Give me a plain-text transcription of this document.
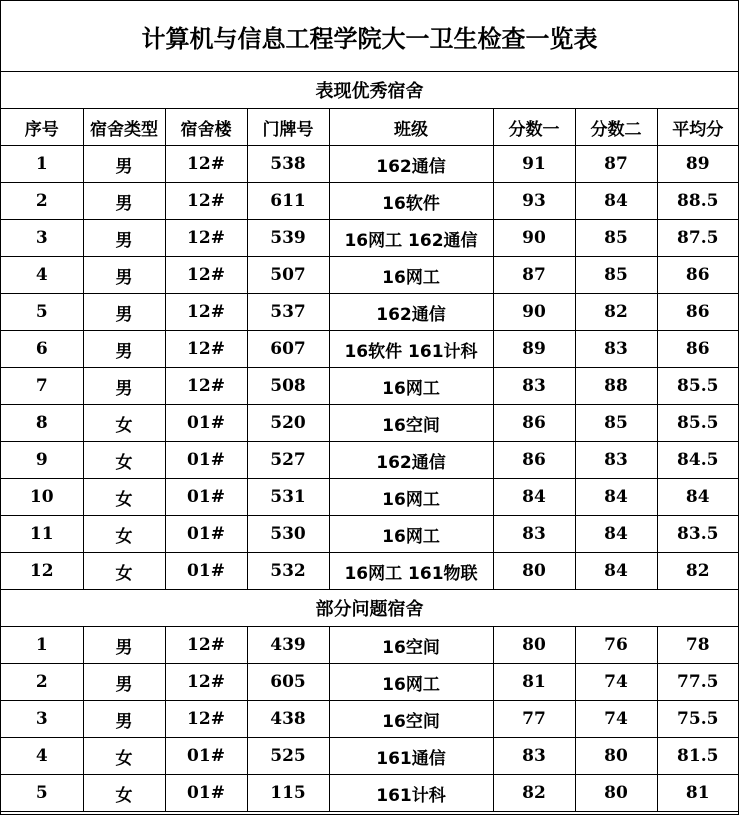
计算机与信息工程学院大一卫生检查一览表							
表现优秀宿舍							
序号	宿舍类型	宿舍楼	门牌号	班级	分数一	分数二	平均分
1	男	12#	538	162通信	91	87	89
2	男	12#	611	16软件	93	84	88.5
3	男	12#	539	16网工 162通信	90	85	87.5
4	男	12#	507	16网工	87	85	86
5	男	12#	537	162通信	90	82	86
6	男	12#	607	16软件 161计科	89	83	86
7	男	12#	508	16网工	83	88	85.5
8	女	01#	520	16空间	86	85	85.5
9	女	01#	527	162通信	86	83	84.5
10	女	01#	531	16网工	84	84	84
11	女	01#	530	16网工	83	84	83.5
12	女	01#	532	16网工 161物联	80	84	82
部分问题宿舍							
1	男	12#	439	16空间	80	76	78
2	男	12#	605	16网工	81	74	77.5
3	男	12#	438	16空间	77	74	75.5
4	女	01#	525	161通信	83	80	81.5
5	女	01#	115	161计科	82	80	81
